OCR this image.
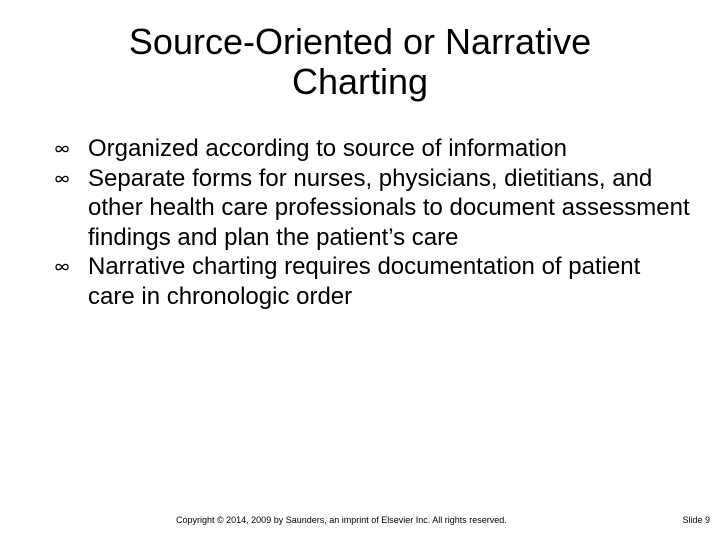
Source-Oriented or Narrative Charting
Organized according to source of information
Separate forms for nurses, physicians, dietitians, and other health care professionals to document assessment findings and plan the patient’s care
Narrative charting requires documentation of patient care in chronologic order
Copyright © 2014, 2009 by Saunders, an imprint of Elsevier Inc. All rights reserved.	Slide 9
